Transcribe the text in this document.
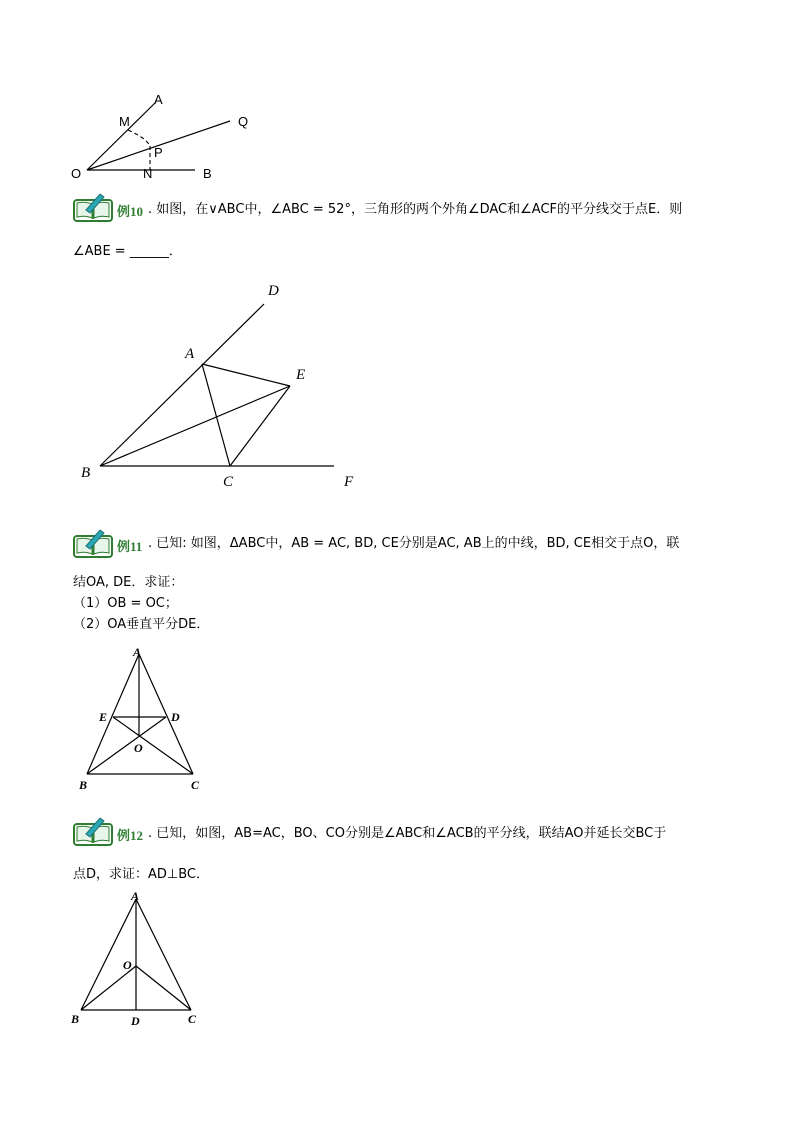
A
M	Q
P
O	N	B
例10 . 如图，在∨ABC中，∠ABC = 52°，三角形的两个外角∠DAC和∠ACF的平分线交于点E．则
∠ABE = ______．
D
A
E
B
C	F
例11 . 已知: 如图，ΔABC中，AB = AC, BD, CE分别是AC, AB上的中线，BD, CE相交于点O，联
结OA, DE．求证：
（1）OB = OC；
（2）OA垂直平分DE．
A
E	D
O
B	C
例12 . 已知，如图，AB=AC，BO、CO分别是∠ABC和∠ACB的平分线，联结AO并延长交BC于
点D，求证：AD⊥BC．
A
O
B	D	C
